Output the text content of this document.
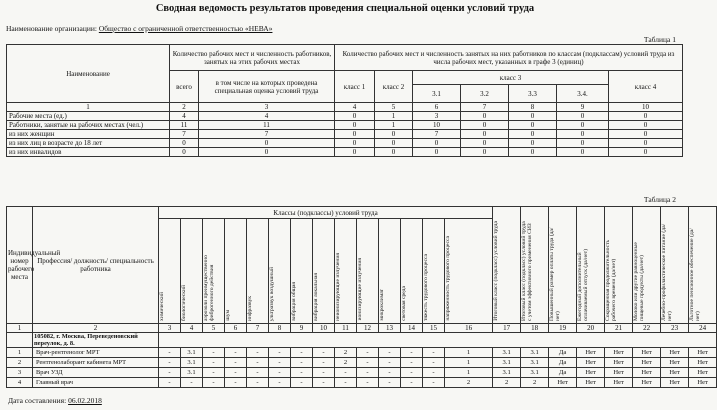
Сводная ведомость результатов проведения специальной оценки условий труда
Наименование организации: Общество с ограниченной ответственностью «НЕВА»
Таблица 1
Наименование	Количество рабочих мест и численность работников, занятых на этих рабочих местах		Количество рабочих мест и численность занятых на них работников по классам (подклассам) условий труда из числа рабочих мест, указанных в графе 3 (единиц)						
	всего	в том числе на которых проведена специальная оценка условий труда	класс 1	класс 2	класс 3				класс 4
					3.1	3.2	3.3	3.4.	
1	2	3	4	5	6	7	8	9	10
Рабочие места (ед.)	4	4	0	1	3	0	0	0	0
Работники, занятые на рабочих местах (чел.)	11	11	0	1	10	0	0	0	0
из них женщин	7	7	0	0	7	0	0	0	0
из них лиц в возрасте до 18 лет	0	0	0	0	0	0	0	0	0
из них инвалидов	0	0	0	0	0	0	0	0	0
Таблица 2
Индивидуальный номер рабочего места	Профессия/ должность/ специальность работника	Классы (подклассы) условий труда														Итоговый класс (подкласс) условий труда	Итоговый класс (подкласс) условий труда с учетом эффективного применения СИЗ	Повышенный размер оплаты труда (да/нет)	Ежегодный дополнительный оплачиваемый отпуск (да/нет)	Сокращенная продолжительность рабочего времени (да/нет)	Молоко или другие равноценные пищевые продукты (да/нет)	Лечебно-профилактическое питание (да/нет)	Льготное пенсионное обеспечение (да/нет)
		химический	биологический	аэрозоли преимущественно фиброгенного действия	шум	инфразвук	ультразвук воздушный	вибрация общая	вибрация локальная	неионизирующие излучения	ионизирующие излучения	микроклимат	световая среда	тяжесть трудового процесса	напряженность трудового процесса								
1	2	3	4	5	6	7	8	9	10	11	12	13	14	15	16	17	18	19	20	21	22	23	24
	105082, г. Москва, Переведеновский переулок, д. 8.																						
1	Врач-рентгенолог МРТ	-	3.1	-	-	-	-	-	-	2	-	-	-	-	1	3.1	3.1	Да	Нет	Нет	Нет	Нет	Нет
2	Рентгенолаборант кабинета МРТ	-	3.1	-	-	-	-	-	-	2	-	-	-	-	1	3.1	3.1	Да	Нет	Нет	Нет	Нет	Нет
3	Врач УЗД	-	3.1	-	-	-	-	-	-	-	-	-	-	-	1	3.1	3.1	Да	Нет	Нет	Нет	Нет	Нет
4	Главный врач	-	-	-	-	-	-	-	-	-	-	-	-	-	2	2	2	Нет	Нет	Нет	Нет	Нет	Нет
Дата составления: 06.02.2018
